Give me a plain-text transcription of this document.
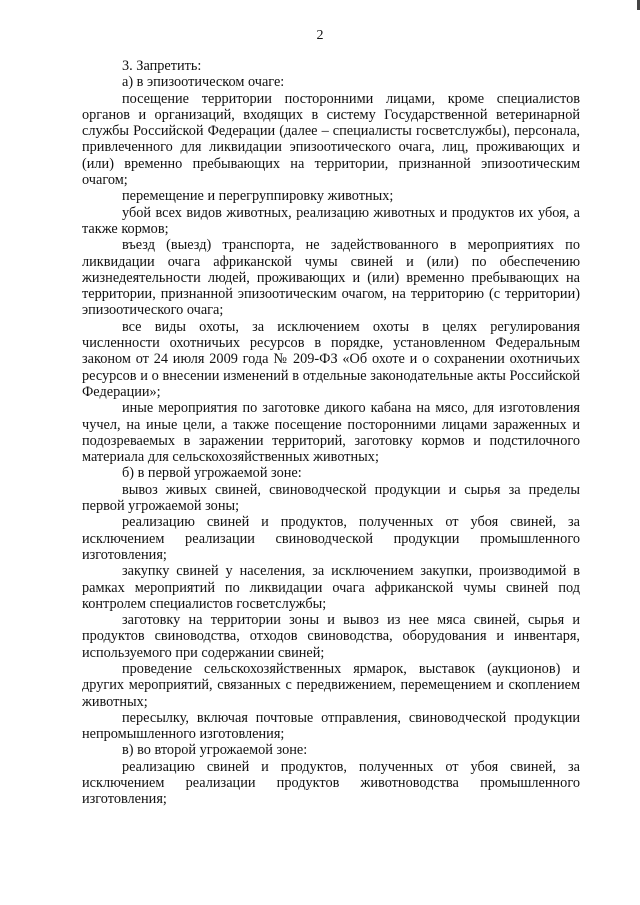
2

3. Запретить:

а) в эпизоотическом очаге:

посещение территории посторонними лицами, кроме специалистов органов и организаций, входящих в систему Государственной ветеринарной службы Российской Федерации (далее – специалисты госветслужбы), персонала, привлеченного для ликвидации эпизоотического очага, лиц, проживающих и (или) временно пребывающих на территории, признанной эпизоотическим очагом;

перемещение и перегруппировку животных;

убой всех видов животных, реализацию животных и продуктов их убоя, а также кормов;

въезд (выезд) транспорта, не задействованного в мероприятиях по ликвидации очага африканской чумы свиней и (или) по обеспечению жизнедеятельности людей, проживающих и (или) временно пребывающих на территории, признанной эпизоотическим очагом, на территорию (с территории) эпизоотического очага;

все виды охоты, за исключением охоты в целях регулирования численности охотничьих ресурсов в порядке, установленном Федеральным законом от 24 июля 2009 года № 209-ФЗ «Об охоте и о сохранении охотничьих ресурсов и о внесении изменений в отдельные законодательные акты Российской Федерации»;

иные мероприятия по заготовке дикого кабана на мясо, для изготовления чучел, на иные цели, а также посещение посторонними лицами зараженных и подозреваемых в заражении территорий, заготовку кормов и подстилочного материала для сельскохозяйственных животных;

б) в первой угрожаемой зоне:

вывоз живых свиней, свиноводческой продукции и сырья за пределы первой угрожаемой зоны;

реализацию свиней и продуктов, полученных от убоя свиней, за исключением реализации свиноводческой продукции промышленного изготовления;

закупку свиней у населения, за исключением закупки, производимой в рамках мероприятий по ликвидации очага африканской чумы свиней под контролем специалистов госветслужбы;

заготовку на территории зоны и вывоз из нее мяса свиней, сырья и продуктов свиноводства, отходов свиноводства, оборудования и инвентаря, используемого при содержании свиней;

проведение сельскохозяйственных ярмарок, выставок (аукционов) и других мероприятий, связанных с передвижением, перемещением и скоплением животных;

пересылку, включая почтовые отправления, свиноводческой продукции непромышленного изготовления;

в) во второй угрожаемой зоне:

реализацию свиней и продуктов, полученных от убоя свиней, за исключением реализации продуктов животноводства промышленного изготовления;
